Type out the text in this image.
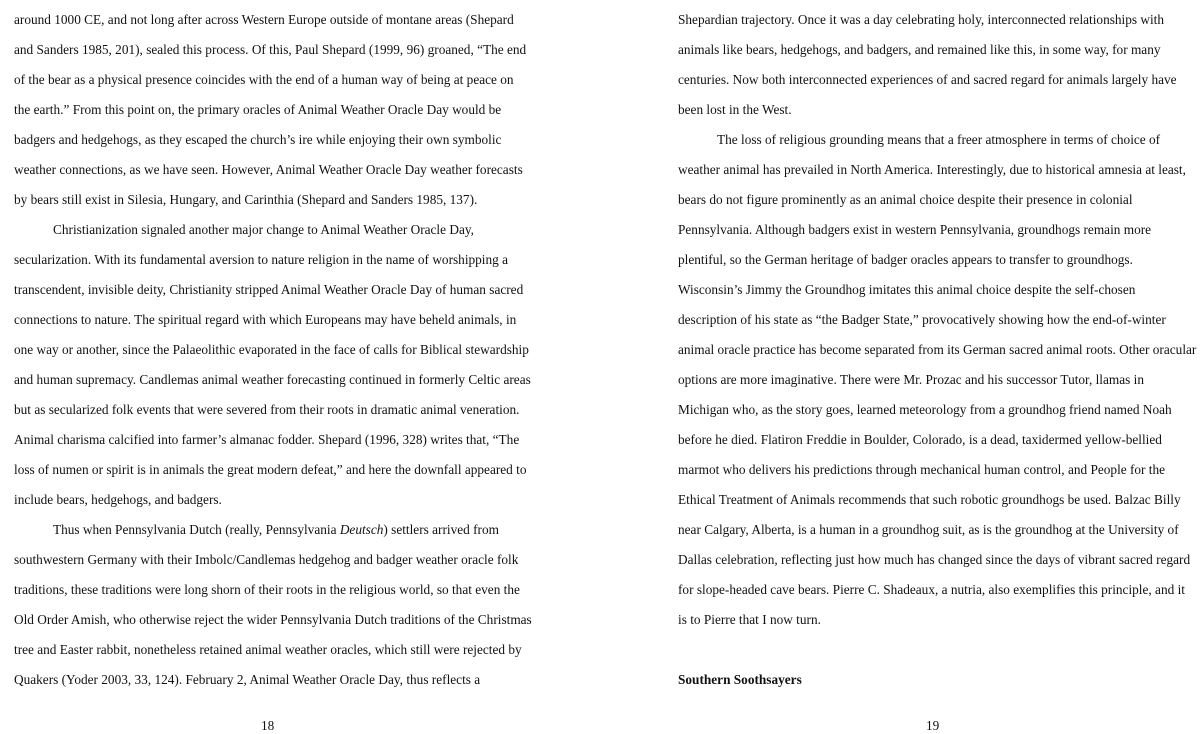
around 1000 CE, and not long after across Western Europe outside of montane areas (Shepard
and Sanders 1985, 201), sealed this process. Of this, Paul Shepard (1999, 96) groaned, “The end
of the bear as a physical presence coincides with the end of a human way of being at peace on
the earth.” From this point on, the primary oracles of Animal Weather Oracle Day would be
badgers and hedgehogs, as they escaped the church’s ire while enjoying their own symbolic
weather connections, as we have seen. However, Animal Weather Oracle Day weather forecasts
by bears still exist in Silesia, Hungary, and Carinthia (Shepard and Sanders 1985, 137).
Christianization signaled another major change to Animal Weather Oracle Day,
secularization. With its fundamental aversion to nature religion in the name of worshipping a
transcendent, invisible deity, Christianity stripped Animal Weather Oracle Day of human sacred
connections to nature. The spiritual regard with which Europeans may have beheld animals, in
one way or another, since the Palaeolithic evaporated in the face of calls for Biblical stewardship
and human supremacy. Candlemas animal weather forecasting continued in formerly Celtic areas
but as secularized folk events that were severed from their roots in dramatic animal veneration.
Animal charisma calcified into farmer’s almanac fodder. Shepard (1996, 328) writes that, “The
loss of numen or spirit is in animals the great modern defeat,” and here the downfall appeared to
include bears, hedgehogs, and badgers.
Thus when Pennsylvania Dutch (really, Pennsylvania Deutsch) settlers arrived from
southwestern Germany with their Imbolc/Candlemas hedgehog and badger weather oracle folk
traditions, these traditions were long shorn of their roots in the religious world, so that even the
Old Order Amish, who otherwise reject the wider Pennsylvania Dutch traditions of the Christmas
tree and Easter rabbit, nonetheless retained animal weather oracles, which still were rejected by
Quakers (Yoder 2003, 33, 124). February 2, Animal Weather Oracle Day, thus reflects a
18
Shepardian trajectory. Once it was a day celebrating holy, interconnected relationships with
animals like bears, hedgehogs, and badgers, and remained like this, in some way, for many
centuries. Now both interconnected experiences of and sacred regard for animals largely have
been lost in the West.
The loss of religious grounding means that a freer atmosphere in terms of choice of
weather animal has prevailed in North America. Interestingly, due to historical amnesia at least,
bears do not figure prominently as an animal choice despite their presence in colonial
Pennsylvania. Although badgers exist in western Pennsylvania, groundhogs remain more
plentiful, so the German heritage of badger oracles appears to transfer to groundhogs.
Wisconsin’s Jimmy the Groundhog imitates this animal choice despite the self-chosen
description of his state as “the Badger State,” provocatively showing how the end-of-winter
animal oracle practice has become separated from its German sacred animal roots. Other oracular
options are more imaginative. There were Mr. Prozac and his successor Tutor, llamas in
Michigan who, as the story goes, learned meteorology from a groundhog friend named Noah
before he died. Flatiron Freddie in Boulder, Colorado, is a dead, taxidermed yellow-bellied
marmot who delivers his predictions through mechanical human control, and People for the
Ethical Treatment of Animals recommends that such robotic groundhogs be used. Balzac Billy
near Calgary, Alberta, is a human in a groundhog suit, as is the groundhog at the University of
Dallas celebration, reflecting just how much has changed since the days of vibrant sacred regard
for slope-headed cave bears. Pierre C. Shadeaux, a nutria, also exemplifies this principle, and it
is to Pierre that I now turn.
Southern Soothsayers
19
